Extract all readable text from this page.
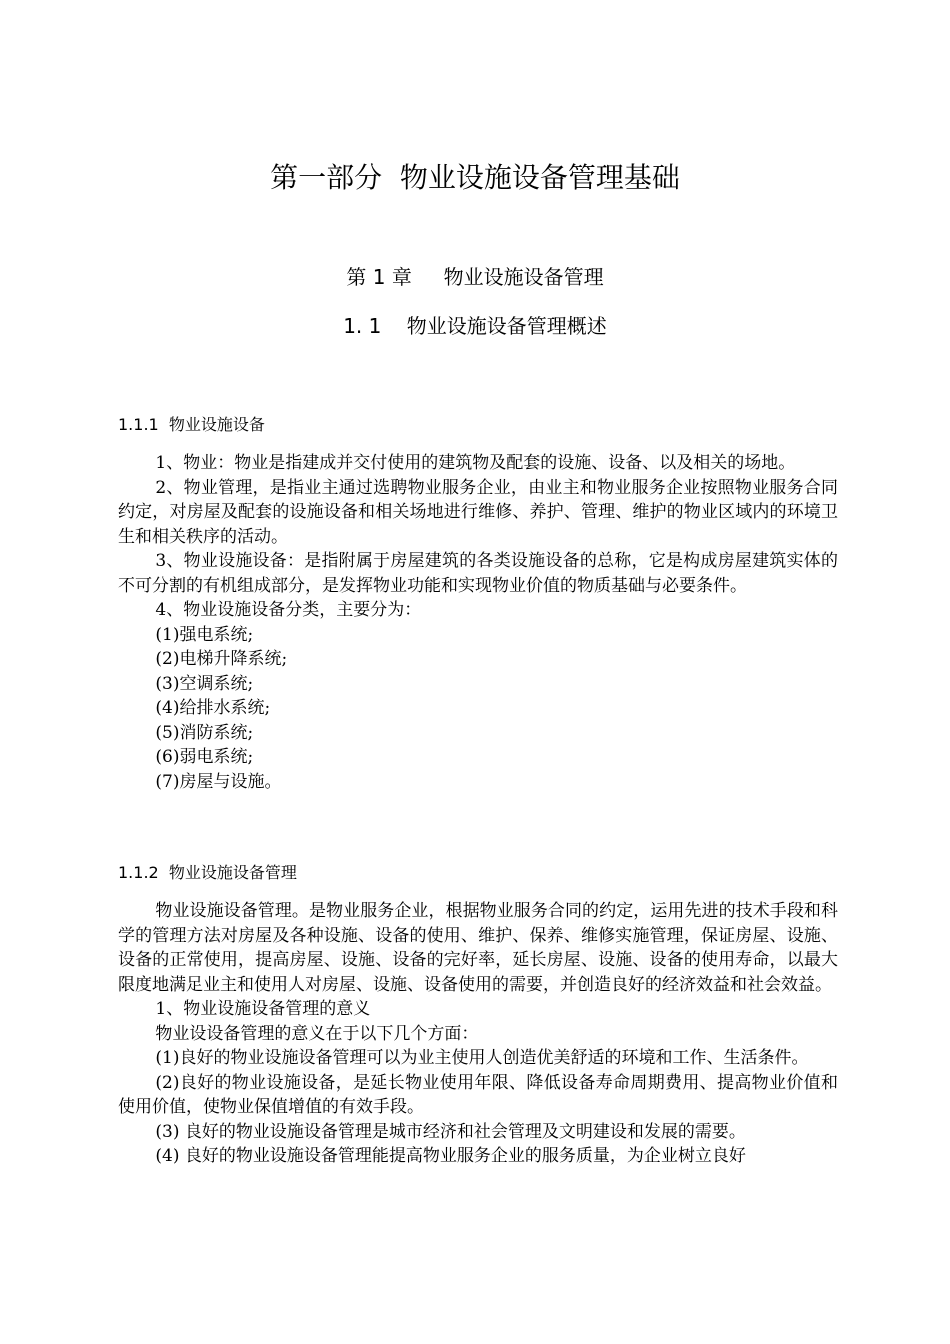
第一部分  物业设施设备管理基础
第 1 章     物业设施设备管理
1. 1    物业设施设备管理概述
1.1.1  物业设施设备

1、物业：物业是指建成并交付使用的建筑物及配套的设施、设备、以及相关的场地。

2、物业管理，是指业主通过选聘物业服务企业，由业主和物业服务企业按照物业服务合同约定，对房屋及配套的设施设备和相关场地进行维修、养护、管理、维护的物业区域内的环境卫生和相关秩序的活动。

3、物业设施设备：是指附属于房屋建筑的各类设施设备的总称，它是构成房屋建筑实体的不可分割的有机组成部分，是发挥物业功能和实现物业价值的物质基础与必要条件。

4、物业设施设备分类，主要分为：

(1)强电系统;

(2)电梯升降系统;

(3)空调系统;

(4)给排水系统;

(5)消防系统;

(6)弱电系统;

(7)房屋与设施。

1.1.2  物业设施设备管理

物业设施设备管理。是物业服务企业，根据物业服务合同的约定，运用先进的技术手段和科学的管理方法对房屋及各种设施、设备的使用、维护、保养、维修实施管理，保证房屋、设施、设备的正常使用，提高房屋、设施、设备的完好率，延长房屋、设施、设备的使用寿命，以最大限度地满足业主和使用人对房屋、设施、设备使用的需要，并创造良好的经济效益和社会效益。

1、物业设施设备管理的意义

物业设设备管理的意义在于以下几个方面：

(1)良好的物业设施设备管理可以为业主使用人创造优美舒适的环境和工作、生活条件。

(2)良好的物业设施设备，是延长物业使用年限、降低设备寿命周期费用、提高物业价值和使用价值，使物业保值增值的有效手段。

(3) 良好的物业设施设备管理是城市经济和社会管理及文明建设和发展的需要。

(4) 良好的物业设施设备管理能提高物业服务企业的服务质量，为企业树立良好
